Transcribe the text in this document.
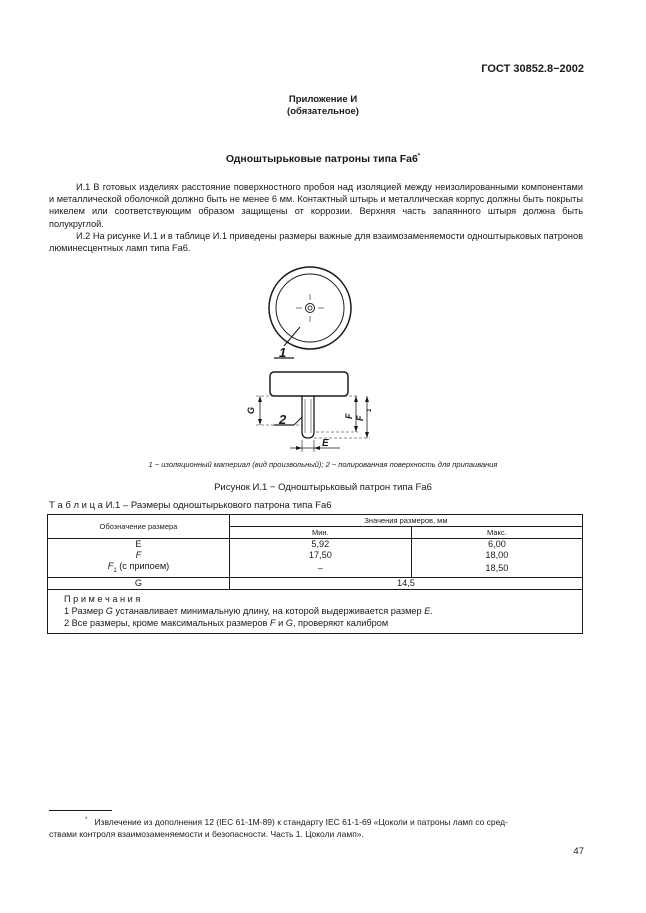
ГОСТ 30852.8−2002
Приложение И
(обязательное)
Одноштырьковые патроны типа Fa6*

И.1 В готовых изделиях расстояние поверхностного пробоя над изоляцией между неизолированными компонентами и металлической оболочкой должно быть не менее 6 мм. Контактный штырь и металлическая корпус должны быть покрыты никелем или соответствующим образом защищены от коррозии. Верхняя часть запаянного штыря должна быть полукруглой.

И.2 На рисунке И.1 и в таблице И.1 приведены размеры важные для взаимозаменяемости одноштырьковых патронов люминесцентных ламп типа Fa6.

1
2
G
F F
1
E
1 − изоляционный материал (вид произвольный); 2 − полированная поверхность для припаивания
Рисунок И.1 − Одноштырьковый патрон типа Fa6
Т а б л и ц а И.1 – Размеры одноштырькового патрона типа Fa6
Обозначение размера	Значения размеров, мм	
	Мин.	Макс.
E	5,92	6,00
F	17,50	18,00
$F_1$ (с припоем)	–	18,50
G	14,5	

П р и м е ч а н и я
1 Размер G устанавливает минимальную длину, на которой выдерживается размер E.
2 Все размеры, кроме максимальных размеров F и G, проверяют калибром		
* Извлечение из дополнения 12 (IEC 61-1M-89) к стандарту IEC 61-1-69 «Цоколи и патроны ламп со сред-
ствами контроля взаимозаменяемости и безопасности. Часть 1. Цоколи ламп».
47
